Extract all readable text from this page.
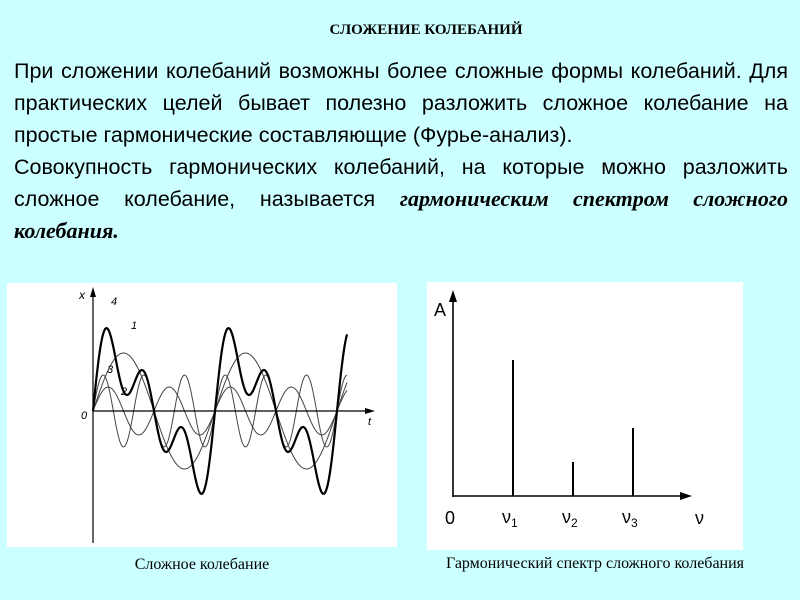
СЛОЖЕНИЕ КОЛЕБАНИЙ

При сложении колебаний возможны более сложные формы колебаний. Для практических целей бывает полезно разложить сложное колебание на простые гармонические составляющие (Фурье-анализ).

Совокупность гармонических колебаний, на которые можно разложить сложное колебание, называется гармоническим спектром сложного колебания.

x
t
0
4
1
3
2
A
ν
0	$\nu_1$ $\nu_2$ $\nu_3$
Сложное колебание	Гармонический спектр сложного колебания
